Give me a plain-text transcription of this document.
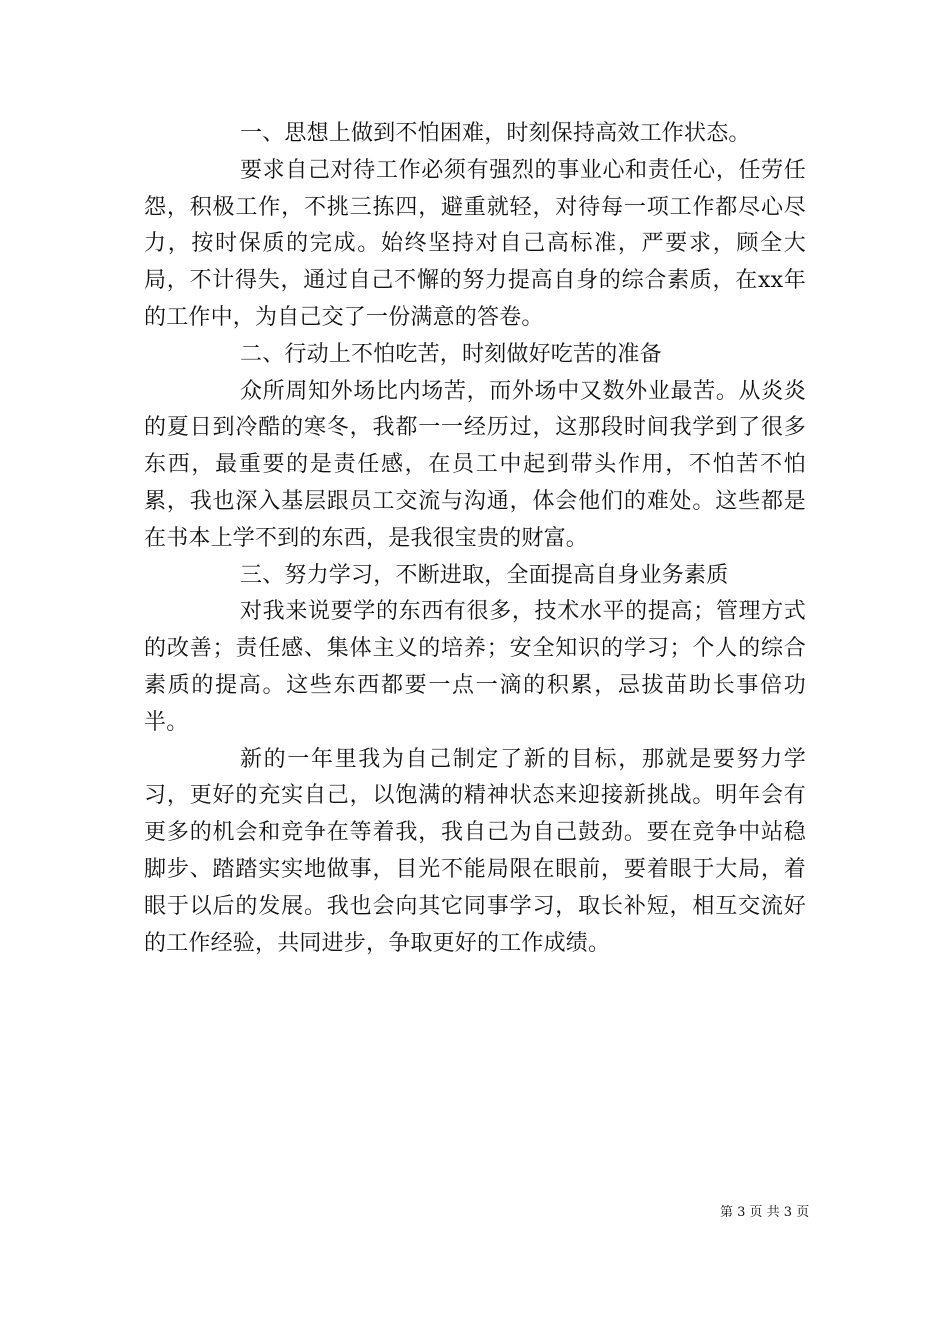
一、思想上做到不怕困难，时刻保持高效工作状态。

要求自己对待工作必须有强烈的事业心和责任心，任劳任怨，积极工作，不挑三拣四，避重就轻，对待每一项工作都尽心尽力，按时保质的完成。始终坚持对自己高标准，严要求，顾全大局，不计得失，通过自己不懈的努力提高自身的综合素质，在xx年的工作中，为自己交了一份满意的答卷。

二、行动上不怕吃苦，时刻做好吃苦的准备

众所周知外场比内场苦，而外场中又数外业最苦。从炎炎的夏日到冷酷的寒冬，我都一一经历过，这那段时间我学到了很多东西，最重要的是责任感，在员工中起到带头作用，不怕苦不怕累，我也深入基层跟员工交流与沟通，体会他们的难处。这些都是在书本上学不到的东西，是我很宝贵的财富。

三、努力学习，不断进取，全面提高自身业务素质

对我来说要学的东西有很多，技术水平的提高；管理方式的改善；责任感、集体主义的培养；安全知识的学习；个人的综合素质的提高。这些东西都要一点一滴的积累，忌拔苗助长事倍功半。

新的一年里我为自己制定了新的目标，那就是要努力学习，更好的充实自己，以饱满的精神状态来迎接新挑战。明年会有更多的机会和竞争在等着我，我自己为自己鼓劲。要在竞争中站稳脚步、踏踏实实地做事，目光不能局限在眼前，要着眼于大局，着眼于以后的发展。我也会向其它同事学习，取长补短，相互交流好的工作经验，共同进步，争取更好的工作成绩。

第 3 页 共 3 页
